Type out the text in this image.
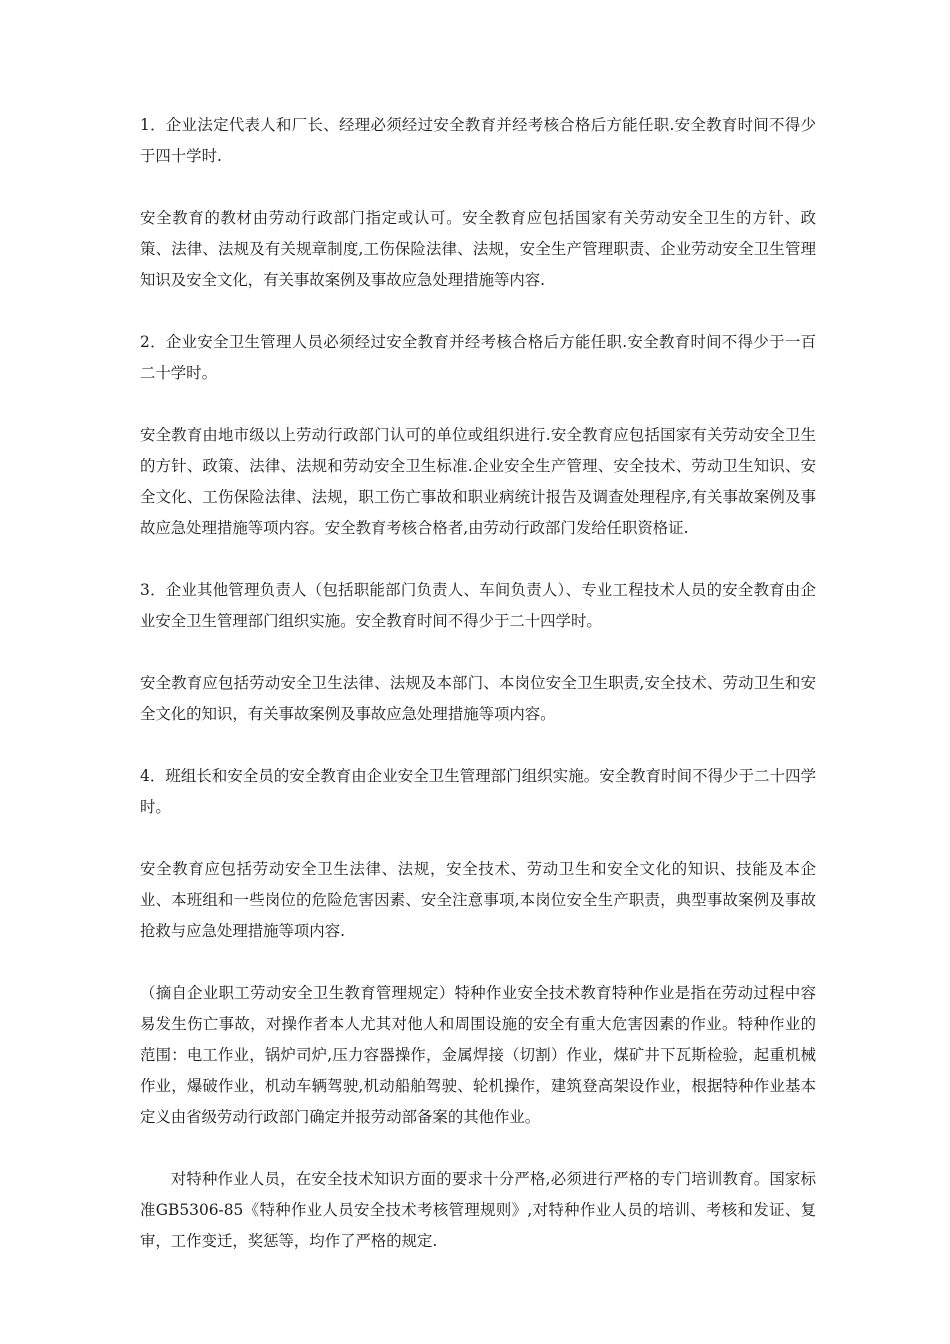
1．企业法定代表人和厂长、经理必须经过安全教育并经考核合格后方能任职.安全教育时间不得少于四十学时.

安全教育的教材由劳动行政部门指定或认可。安全教育应包括国家有关劳动安全卫生的方针、政策、法律、法规及有关规章制度,工伤保险法律、法规，安全生产管理职责、企业劳动安全卫生管理知识及安全文化，有关事故案例及事故应急处理措施等内容.

2．企业安全卫生管理人员必须经过安全教育并经考核合格后方能任职.安全教育时间不得少于一百二十学时。

安全教育由地市级以上劳动行政部门认可的单位或组织进行.安全教育应包括国家有关劳动安全卫生的方针、政策、法律、法规和劳动安全卫生标准.企业安全生产管理、安全技术、劳动卫生知识、安全文化、工伤保险法律、法规，职工伤亡事故和职业病统计报告及调查处理程序,有关事故案例及事故应急处理措施等项内容。安全教育考核合格者,由劳动行政部门发给任职资格证.

3．企业其他管理负责人（包括职能部门负责人、车间负责人）、专业工程技术人员的安全教育由企业安全卫生管理部门组织实施。安全教育时间不得少于二十四学时。

安全教育应包括劳动安全卫生法律、法规及本部门、本岗位安全卫生职责,安全技术、劳动卫生和安全文化的知识，有关事故案例及事故应急处理措施等项内容。

4．班组长和安全员的安全教育由企业安全卫生管理部门组织实施。安全教育时间不得少于二十四学时。

安全教育应包括劳动安全卫生法律、法规，安全技术、劳动卫生和安全文化的知识、技能及本企业、本班组和一些岗位的危险危害因素、安全注意事项,本岗位安全生产职责，典型事故案例及事故抢救与应急处理措施等项内容.

（摘自企业职工劳动安全卫生教育管理规定）特种作业安全技术教育特种作业是指在劳动过程中容易发生伤亡事故，对操作者本人尤其对他人和周围设施的安全有重大危害因素的作业。特种作业的范围：电工作业，锅炉司炉,压力容器操作，金属焊接（切割）作业，煤矿井下瓦斯检验，起重机械作业，爆破作业，机动车辆驾驶,机动船舶驾驶、轮机操作，建筑登高架设作业，根据特种作业基本定义由省级劳动行政部门确定并报劳动部备案的其他作业。

对特种作业人员，在安全技术知识方面的要求十分严格,必须进行严格的专门培训教育。国家标准GB5306-85《特种作业人员安全技术考核管理规则》,对特种作业人员的培训、考核和发证、复审，工作变迁，奖惩等，均作了严格的规定.
